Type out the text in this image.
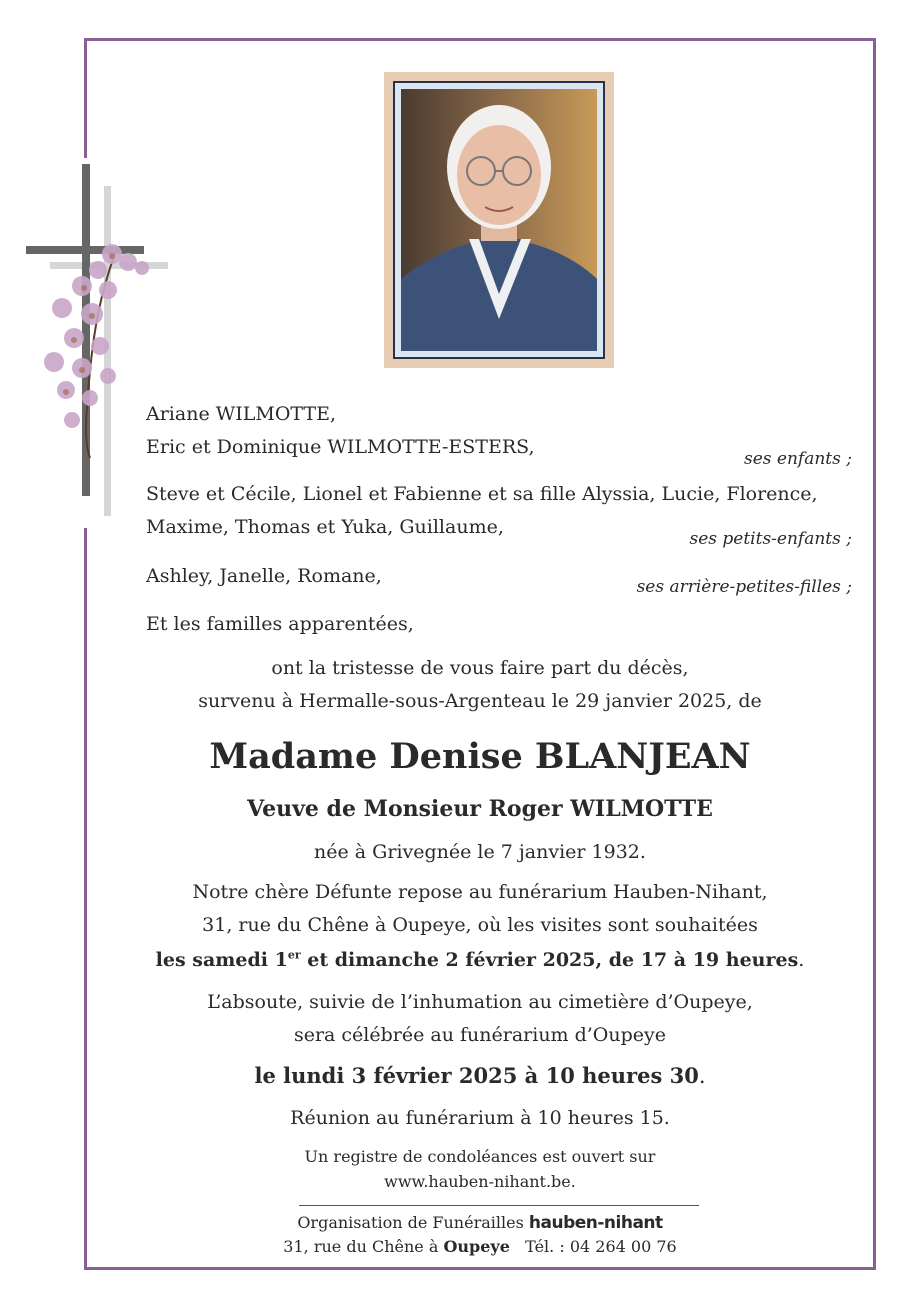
Ariane WILMOTTE,
Eric et Dominique WILMOTTE-ESTERS,
ses enfants ;
Steve et Cécile, Lionel et Fabienne et sa fille Alyssia, Lucie, Florence,
Maxime, Thomas et Yuka, Guillaume,
ses petits-enfants ;
Ashley, Janelle, Romane,	ses arrière-petites-filles ;
Et les familles apparentées,
ont la tristesse de vous faire part du décès,
survenu à Hermalle-sous-Argenteau le 29 janvier 2025, de
Madame Denise BLANJEAN
Veuve de Monsieur Roger WILMOTTE
née à Grivegnée le 7 janvier 1932.
Notre chère Défunte repose au funérarium Hauben-Nihant,
31, rue du Chêne à Oupeye, où les visites sont souhaitées
les samedi 1er et dimanche 2 février 2025, de 17 à 19 heures.
L’absoute, suivie de l’inhumation au cimetière d’Oupeye,
sera célébrée au funérarium d’Oupeye
le lundi 3 février 2025 à 10 heures 30.
Réunion au funérarium à 10 heures 15.
Un registre de condoléances est ouvert sur
www.hauben-nihant.be.
Organisation de Funérailles hauben-nihant
31, rue du Chêne à Oupeye Tél. : 04 264 00 76
